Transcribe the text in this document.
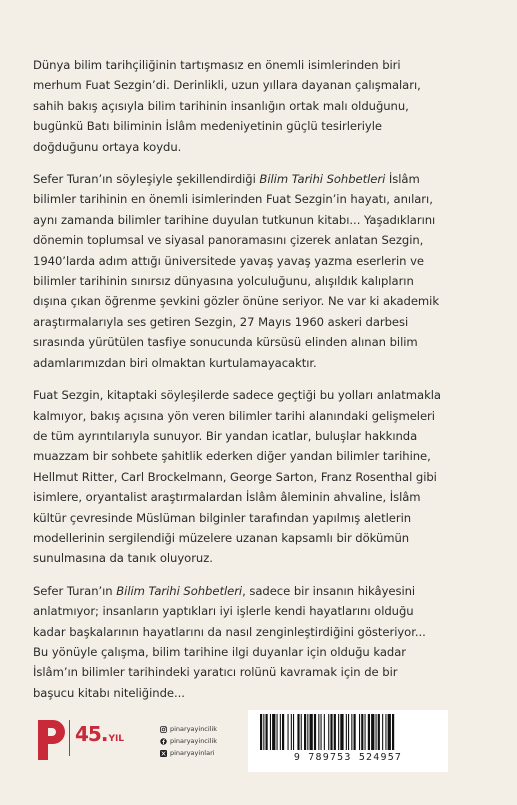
Dünya bilim tarihçiliğinin tartışmasız en önemli isimlerinden biri
merhum Fuat Sezgin’di. Derinlikli, uzun yıllara dayanan çalışmaları,
sahih bakış açısıyla bilim tarihinin insanlığın ortak malı olduğunu,
bugünkü Batı biliminin İslâm medeniyetinin güçlü tesirleriyle
doğduğunu ortaya koydu.

Sefer Turan’ın söyleşiyle şekillendirdiği Bilim Tarihi Sohbetleri İslâm
bilimler tarihinin en önemli isimlerinden Fuat Sezgin’in hayatı, anıları,
aynı zamanda bilimler tarihine duyulan tutkunun kitabı... Yaşadıklarını
dönemin toplumsal ve siyasal panoramasını çizerek anlatan Sezgin,
1940’larda adım attığı üniversitede yavaş yavaş yazma eserlerin ve
bilimler tarihinin sınırsız dünyasına yolculuğunu, alışıldık kalıpların
dışına çıkan öğrenme şevkini gözler önüne seriyor. Ne var ki akademik
araştırmalarıyla ses getiren Sezgin, 27 Mayıs 1960 askeri darbesi
sırasında yürütülen tasfiye sonucunda kürsüsü elinden alınan bilim
adamlarımızdan biri olmaktan kurtulamayacaktır.

Fuat Sezgin, kitaptaki söyleşilerde sadece geçtiği bu yolları anlatmakla
kalmıyor, bakış açısına yön veren bilimler tarihi alanındaki gelişmeleri
de tüm ayrıntılarıyla sunuyor. Bir yandan icatlar, buluşlar hakkında
muazzam bir sohbete şahitlik ederken diğer yandan bilimler tarihine,
Hellmut Ritter, Carl Brockelmann, George Sarton, Franz Rosenthal gibi
isimlere, oryantalist araştırmalardan İslâm âleminin ahvaline, İslâm
kültür çevresinde Müslüman bilginler tarafından yapılmış aletlerin
modellerinin sergilendiği müzelere uzanan kapsamlı bir dökümün
sunulmasına da tanık oluyoruz.

Sefer Turan’ın Bilim Tarihi Sohbetleri, sadece bir insanın hikâyesini
anlatmıyor; insanların yaptıkları iyi işlerle kendi hayatlarını olduğu
kadar başkalarının hayatlarını da nasıl zenginleştirdiğini gösteriyor...
Bu yönüyle çalışma, bilim tarihine ilgi duyanlar için olduğu kadar
İslâm’ın bilimler tarihindeki yaratıcı rolünü kavramak için de bir
başucu kitabı niteliğinde...

45.YIL
pinaryayincilik
pinaryayincilik
pinaryayinlari	9 789753 524957
